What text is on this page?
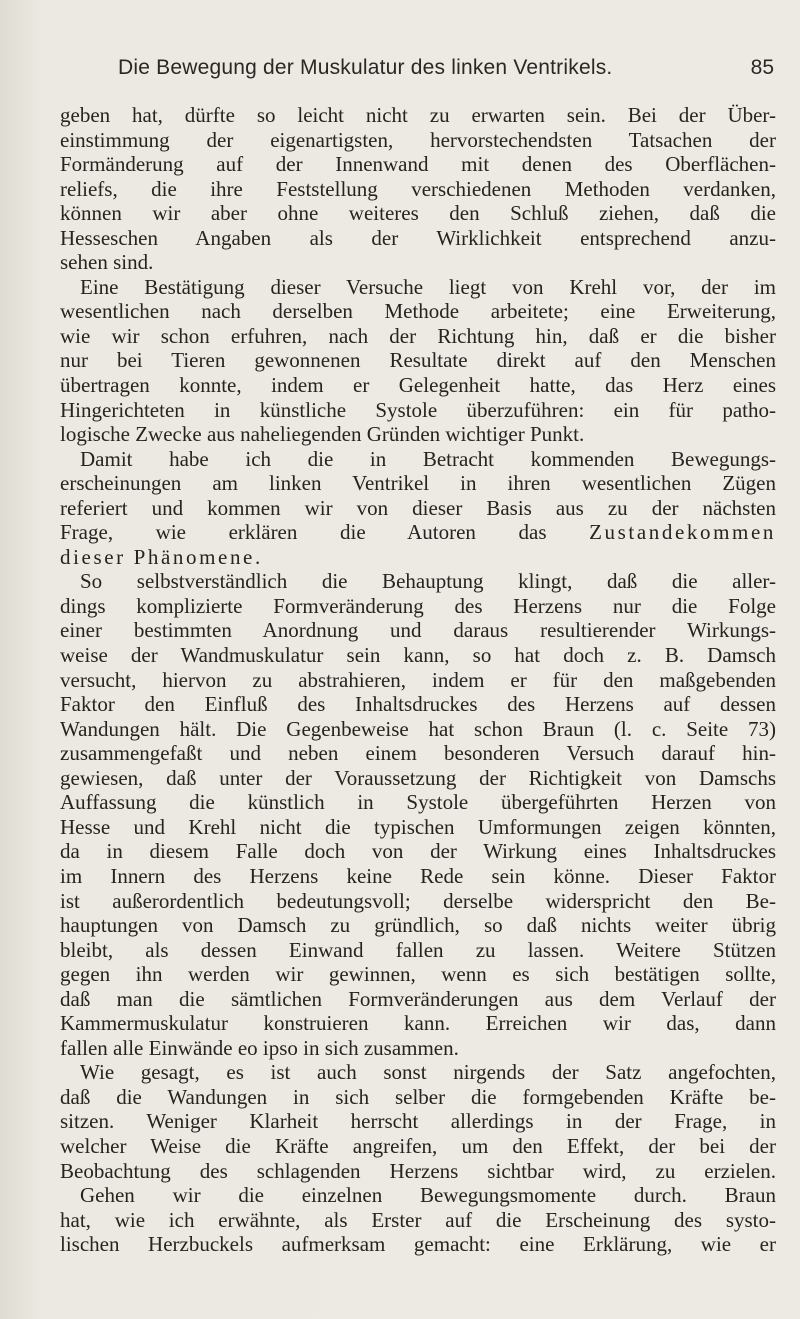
Die Bewegung der Muskulatur des linken Ventrikels.	85
geben hat, dürfte so leicht nicht zu erwarten sein. Bei der Über-
einstimmung der eigenartigsten, hervorstechendsten Tatsachen der
Formänderung auf der Innenwand mit denen des Oberflächen-
reliefs, die ihre Feststellung verschiedenen Methoden verdanken,
können wir aber ohne weiteres den Schluß ziehen, daß die
Hesseschen Angaben als der Wirklichkeit entsprechend anzu-
sehen sind.
Eine Bestätigung dieser Versuche liegt von Krehl vor, der im
wesentlichen nach derselben Methode arbeitete; eine Erweiterung,
wie wir schon erfuhren, nach der Richtung hin, daß er die bisher
nur bei Tieren gewonnenen Resultate direkt auf den Menschen
übertragen konnte, indem er Gelegenheit hatte, das Herz eines
Hingerichteten in künstliche Systole überzuführen: ein für patho-
logische Zwecke aus naheliegenden Gründen wichtiger Punkt.
Damit habe ich die in Betracht kommenden Bewegungs-
erscheinungen am linken Ventrikel in ihren wesentlichen Zügen
referiert und kommen wir von dieser Basis aus zu der nächsten
Frage, wie erklären die Autoren das Zustandekommen
dieser Phänomene.
So selbstverständlich die Behauptung klingt, daß die aller-
dings komplizierte Formveränderung des Herzens nur die Folge
einer bestimmten Anordnung und daraus resultierender Wirkungs-
weise der Wandmuskulatur sein kann, so hat doch z. B. Damsch
versucht, hiervon zu abstrahieren, indem er für den maßgebenden
Faktor den Einfluß des Inhaltsdruckes des Herzens auf dessen
Wandungen hält. Die Gegenbeweise hat schon Braun (l. c. Seite 73)
zusammengefaßt und neben einem besonderen Versuch darauf hin-
gewiesen, daß unter der Voraussetzung der Richtigkeit von Damschs
Auffassung die künstlich in Systole übergeführten Herzen von
Hesse und Krehl nicht die typischen Umformungen zeigen könnten,
da in diesem Falle doch von der Wirkung eines Inhaltsdruckes
im Innern des Herzens keine Rede sein könne. Dieser Faktor
ist außerordentlich bedeutungsvoll; derselbe widerspricht den Be-
hauptungen von Damsch zu gründlich, so daß nichts weiter übrig
bleibt, als dessen Einwand fallen zu lassen. Weitere Stützen
gegen ihn werden wir gewinnen, wenn es sich bestätigen sollte,
daß man die sämtlichen Formveränderungen aus dem Verlauf der
Kammermuskulatur konstruieren kann. Erreichen wir das, dann
fallen alle Einwände eo ipso in sich zusammen.
Wie gesagt, es ist auch sonst nirgends der Satz angefochten,
daß die Wandungen in sich selber die formgebenden Kräfte be-
sitzen. Weniger Klarheit herrscht allerdings in der Frage, in
welcher Weise die Kräfte angreifen, um den Effekt, der bei der
Beobachtung des schlagenden Herzens sichtbar wird, zu erzielen.
Gehen wir die einzelnen Bewegungsmomente durch. Braun
hat, wie ich erwähnte, als Erster auf die Erscheinung des systo-
lischen Herzbuckels aufmerksam gemacht: eine Erklärung, wie er
